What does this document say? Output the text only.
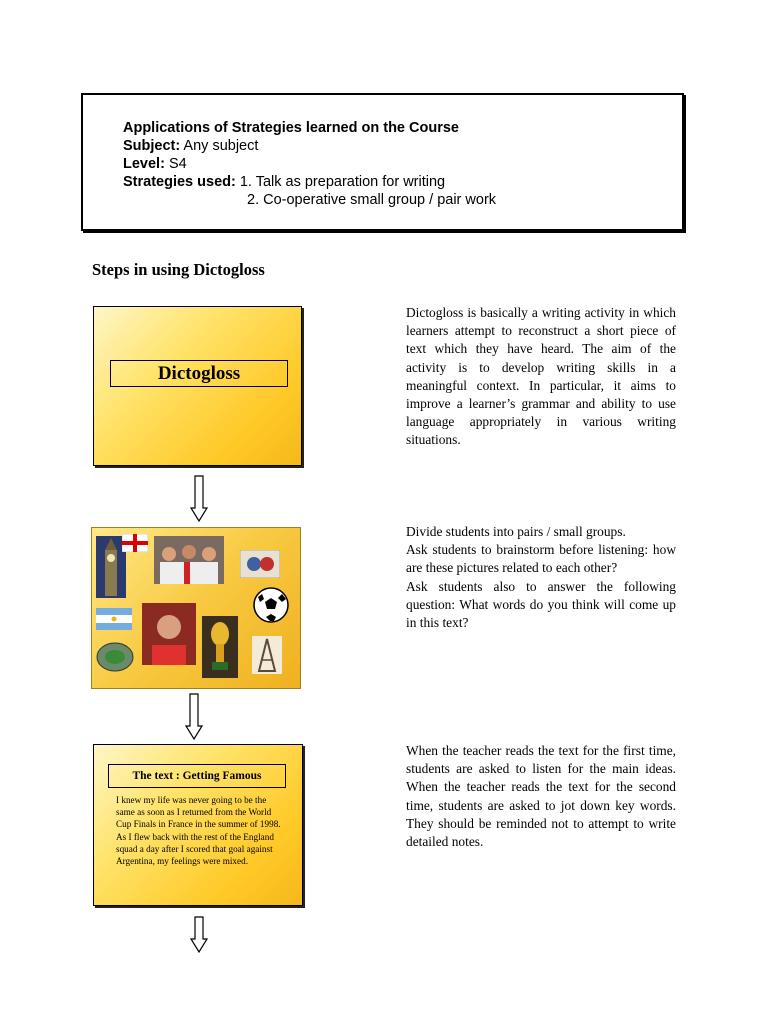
Applications of Strategies learned on the Course
Subject: Any subject
Level: S4
Strategies used: 1. Talk as preparation for writing
2. Co-operative small group / pair work
Steps in using Dictogloss
Dictogloss
Dictogloss is basically a writing activity in which learners attempt to reconstruct a short piece of text which they have heard. The aim of the activity is to develop writing skills in a meaningful context. In particular, it aims to improve a learner’s grammar and ability to use language appropriately in various writing situations.
Divide students into pairs / small groups.
Ask students to brainstorm before listening: how are these pictures related to each other?
Ask students also to answer the following question: What words do you think will come up in this text?
The text : Getting Famous
I knew my life was never going to be the same as soon as I returned from the World Cup Finals in France in the summer of 1998. As I flew back with the rest of the England squad a day after I scored that goal against Argentina, my feelings were mixed.
When the teacher reads the text for the first time, students are asked to listen for the main ideas. When the teacher reads the text for the second time, students are asked to jot down key words. They should be reminded not to attempt to write detailed notes.
